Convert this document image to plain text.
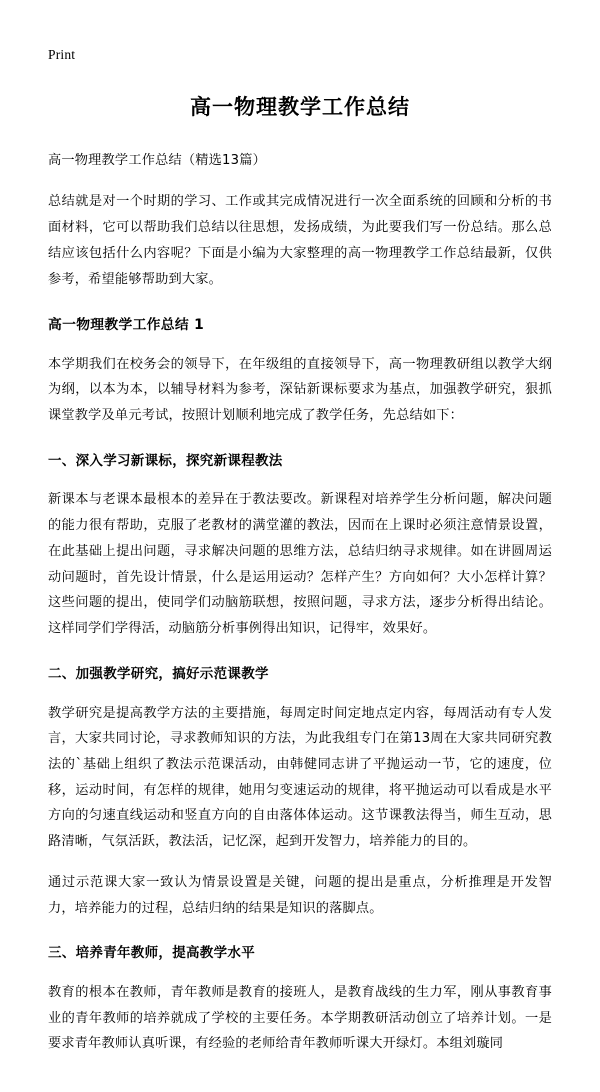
Print
高一物理教学工作总结

高一物理教学工作总结（精选13篇）

总结就是对一个时期的学习、工作或其完成情况进行一次全面系统的回顾和分析的书面材料，它可以帮助我们总结以往思想，发扬成绩，为此要我们写一份总结。那么总结应该包括什么内容呢？下面是小编为大家整理的高一物理教学工作总结最新，仅供参考，希望能够帮助到大家。

高一物理教学工作总结 1

本学期我们在校务会的领导下，在年级组的直接领导下，高一物理教研组以教学大纲为纲，以本为本，以辅导材料为参考，深钻新课标要求为基点，加强教学研究，狠抓课堂教学及单元考试，按照计划顺利地完成了教学任务，先总结如下：

一、深入学习新课标，探究新课程教法

新课本与老课本最根本的差异在于教法要改。新课程对培养学生分析问题，解决问题的能力很有帮助，克服了老教材的满堂灌的教法，因而在上课时必须注意情景设置，在此基础上提出问题，寻求解决问题的思维方法，总结归纳寻求规律。如在讲圆周运动问题时，首先设计情景，什么是运用运动？怎样产生？方向如何？大小怎样计算？这些问题的提出，使同学们动脑筋联想，按照问题，寻求方法，逐步分析得出结论。这样同学们学得活，动脑筋分析事例得出知识，记得牢，效果好。

二、加强教学研究，搞好示范课教学

教学研究是提高教学方法的主要措施，每周定时间定地点定内容，每周活动有专人发言，大家共同讨论，寻求教师知识的方法，为此我组专门在第13周在大家共同研究教法的`基础上组织了教法示范课活动，由韩健同志讲了平抛运动一节，它的速度，位移，运动时间，有怎样的规律，她用匀变速运动的规律，将平抛运动可以看成是水平方向的匀速直线运动和竖直方向的自由落体体运动。这节课教法得当，师生互动，思路清晰，气氛活跃，教法活，记忆深，起到开发智力，培养能力的目的。

通过示范课大家一致认为情景设置是关键，问题的提出是重点，分析推理是开发智力，培养能力的过程，总结归纳的结果是知识的落脚点。

三、培养青年教师，提高教学水平

教育的根本在教师，青年教师是教育的接班人，是教育战线的生力军，刚从事教育事业的青年教师的培养就成了学校的主要任务。本学期教研活动创立了培养计划。一是要求青年教师认真听课，有经验的老师给青年教师听课大开绿灯。本组刘璇同
